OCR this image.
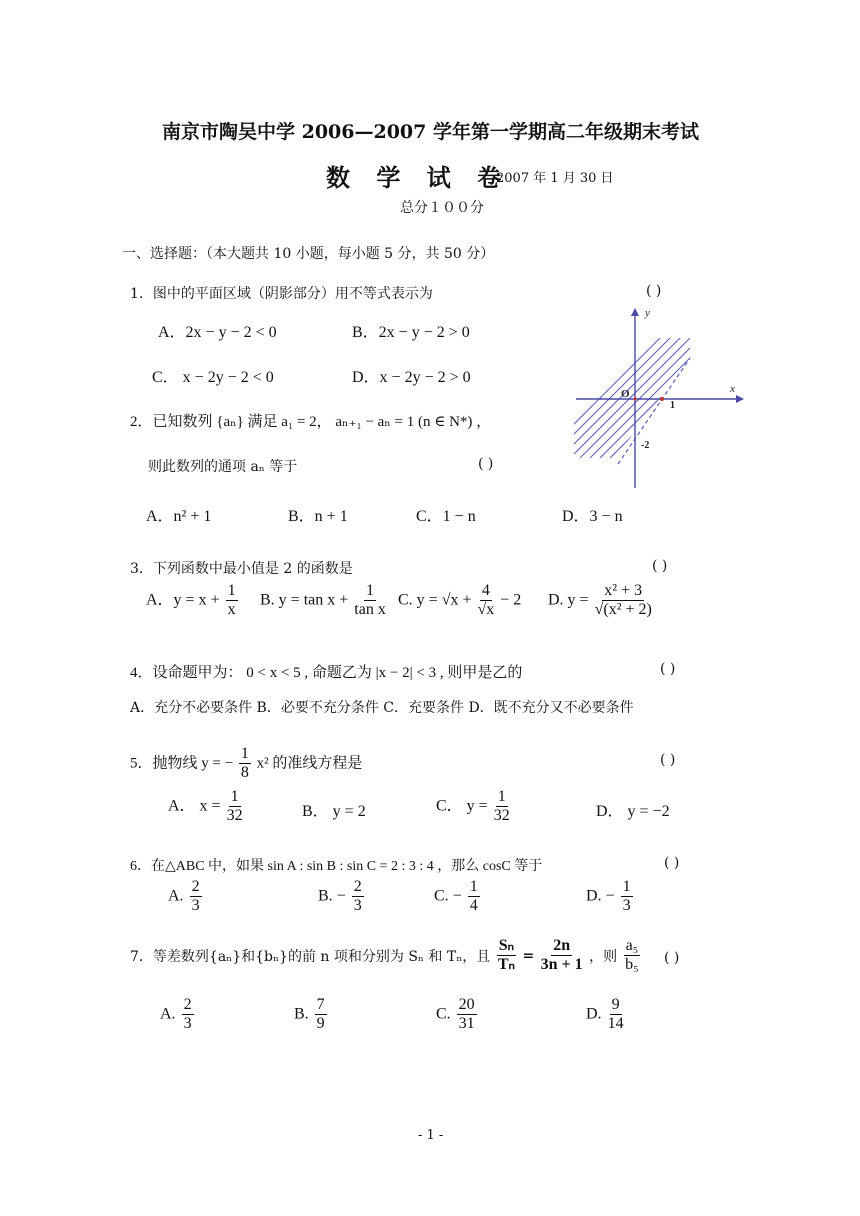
南京市陶吴中学 2006—2007 学年第一学期高二年级期末考试
数 学 试 卷
2007 年 1 月 30 日
总分１００分
一、选择题：（本大题共 10 小题，每小题 5 分，共 50 分）
1．图中的平面区域（阴影部分）用不等式表示为	( )
A．2x − y − 2 < 0	B．2x − y − 2 > 0
C． x − 2y − 2 < 0	D．x − 2y − 2 > 0
y
x
O
1
-2
2．已知数列 {aₙ} 满足 a₁ = 2， aₙ₊₁ − aₙ = 1 (n ∈ N*) ，
则此数列的通项 aₙ 等于	( )
A．n² + 1	B．n + 1	C．1 − n	D．3 − n
3．下列函数中最小值是 2 的函数是	( )
A．$y = x + \frac{1}{x} B$. $y = \tan x + \frac{1}{\text{tan x}} C$. $y = √x + \frac{4}{√x} - 2$ D. $y = \frac{\text{x² + 3}}{\text{√(x² + 2)}}$
4．设命题甲为： 0 < x < 5 , 命题乙为 |x − 2| < 3 , 则甲是乙的	( )
A．充分不必要条件 B．必要不充分条件 C．充要条件 D．既不充分又不必要条件
5．抛物线 y = − $\frac{1}{8} x^2$ 的准线方程是	( )
A． $x = \frac{1}{32}$	B． y = 2	C． $y = \frac{1}{32}$	D． y = −2
6．在△ABC 中，如果 sin A : sin B : sin C = 2 : 3 : 4 ，那么 cosC 等于	( )
A. $\frac{2}{3}$	B. − $\frac{2}{3}$	C. − $\frac{1}{4}$	D. − $\frac{1}{3}$
7．等差数列{aₙ}和{bₙ}的前 n 项和分别为 Sₙ 和 Tₙ，且 $\frac{\text{Sₙ}}{\text{Tₙ}} = \frac{2n}{3n + 1}$ ，则 $\frac{\text{a₅}}{\text{b₅}}$ ( )
A. $\frac{2}{3}$	B. $\frac{7}{9}$	C. $\frac{20}{31}$	D. $\frac{9}{14}$
- 1 -
